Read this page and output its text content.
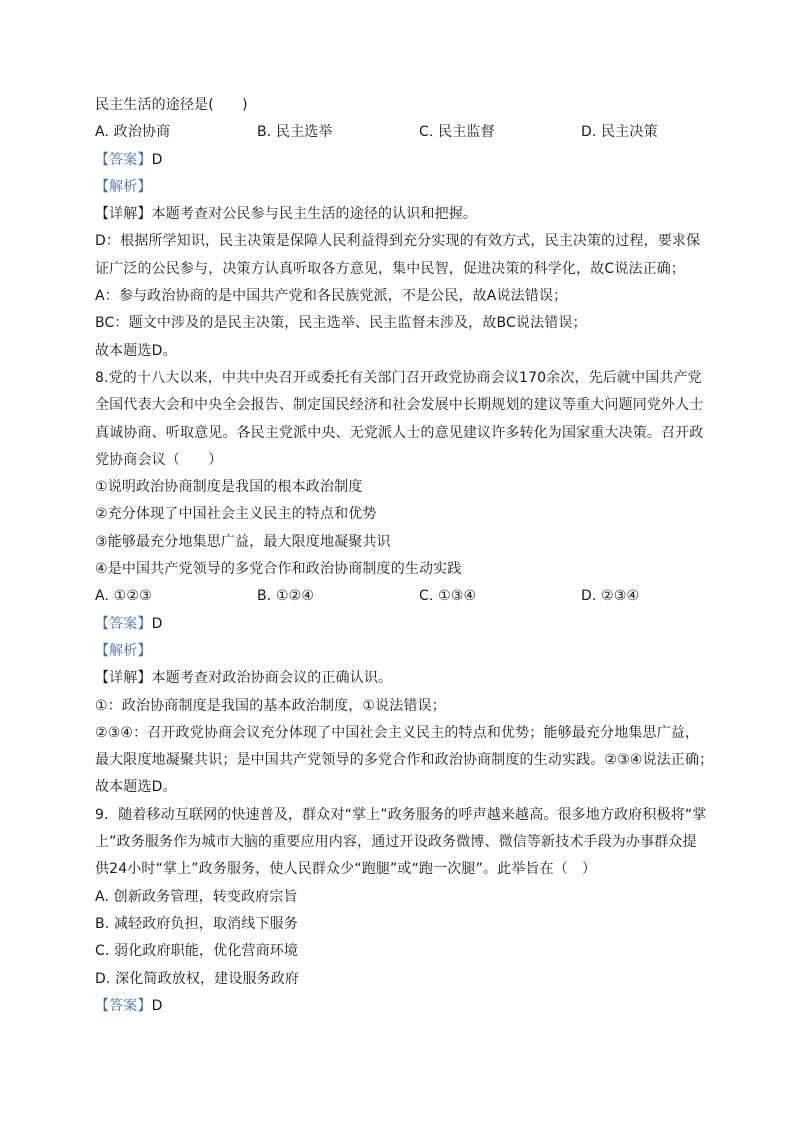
民主生活的途径是(　　)
A. 政治协商	B. 民主选举	C. 民主监督	D. 民主决策
【答案】D
【解析】
【详解】本题考查对公民参与民主生活的途径的认识和把握。
D：根据所学知识，民主决策是保障人民利益得到充分实现的有效方式，民主决策的过程，要求保
证广泛的公民参与，决策方认真听取各方意见，集中民智，促进决策的科学化，故C说法正确；
A：参与政治协商的是中国共产党和各民族党派，不是公民，故A说法错误；
BC：题文中涉及的是民主决策，民主选举、民主监督未涉及，故BC说法错误；
故本题选D。
8.党的十八大以来，中共中央召开或委托有关部门召开政党协商会议170余次，先后就中国共产党
全国代表大会和中央全会报告、制定国民经济和社会发展中长期规划的建议等重大问题同党外人士
真诚协商、听取意见。各民主党派中央、无党派人士的意见建议许多转化为国家重大决策。召开政
党协商会议（　　）
①说明政治协商制度是我国的根本政治制度
②充分体现了中国社会主义民主的特点和优势
③能够最充分地集思广益，最大限度地凝聚共识
④是中国共产党领导的多党合作和政治协商制度的生动实践
A. ①②③	B. ①②④	C. ①③④	D. ②③④
【答案】D
【解析】
【详解】本题考查对政治协商会议的正确认识。
①：政治协商制度是我国的基本政治制度，①说法错误；
②③④：召开政党协商会议充分体现了中国社会主义民主的特点和优势；能够最充分地集思广益，
最大限度地凝聚共识；是中国共产党领导的多党合作和政治协商制度的生动实践。②③④说法正确；
故本题选D。
9．随着移动互联网的快速普及，群众对“掌上”政务服务的呼声越来越高。很多地方政府积极将“掌
上”政务服务作为城市大脑的重要应用内容，通过开设政务微博、微信等新技术手段为办事群众提
供24小时“掌上”政务服务，使人民群众少“跑腿”或“跑一次腿”。此举旨在（　）
A. 创新政务管理，转变政府宗旨
B. 减轻政府负担，取消线下服务
C. 弱化政府职能，优化营商环境
D. 深化简政放权，建设服务政府
【答案】D
